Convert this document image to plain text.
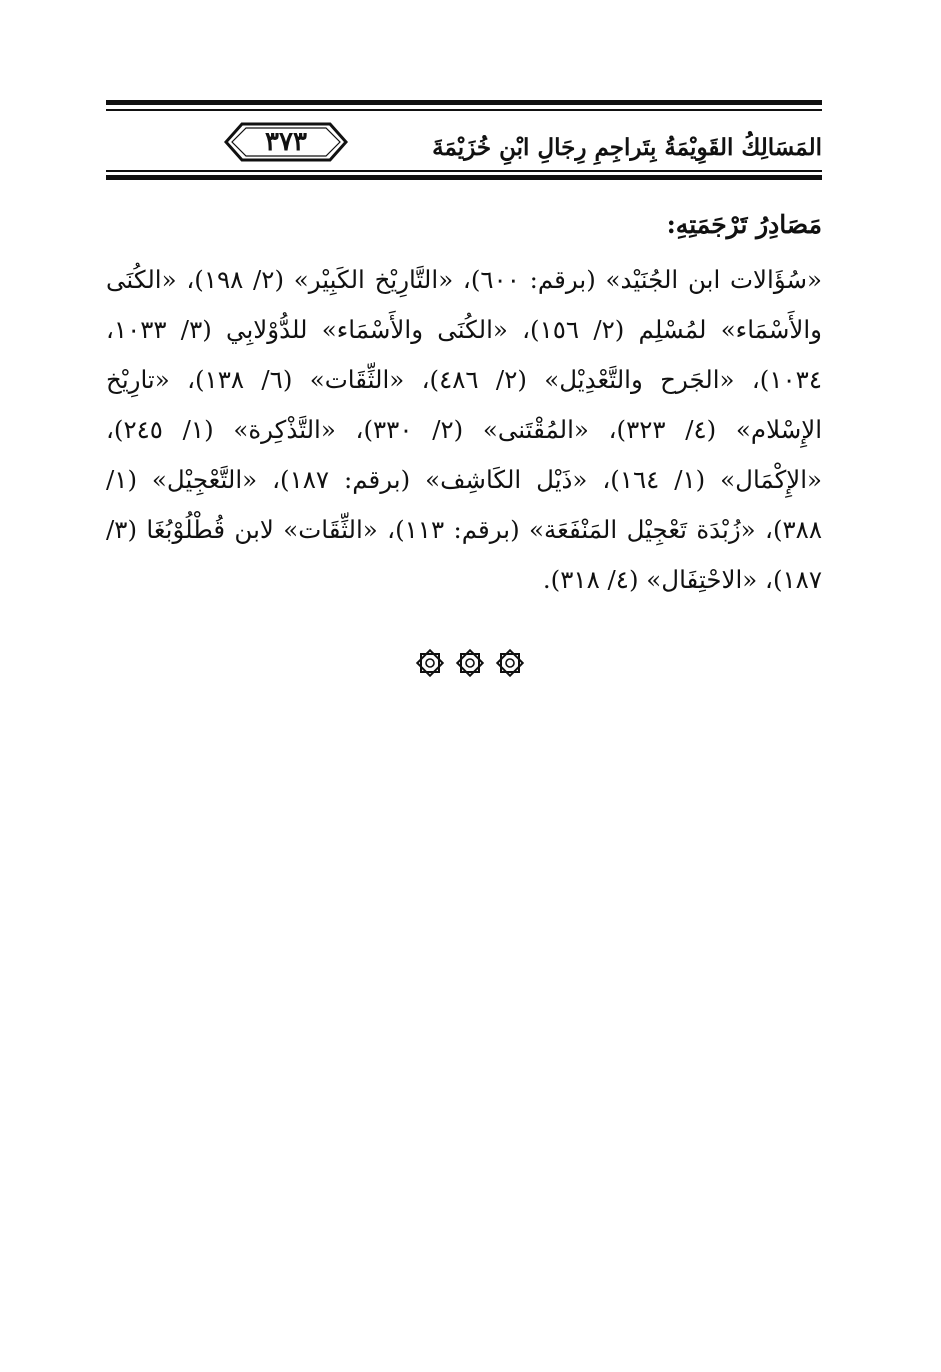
٣٧٣	المَسَالِكُ القَوِيْمَةُ بِتَراجِمِ رِجَالِ ابْنِ خُزَيْمَةَ
مَصَادِرُ تَرْجَمَتِهِ:

«سُؤَالات ابن الجُنَيْد» (برقم: ٦٠٠)، «التَّارِيْخ الكَبِيْر» (٢/ ١٩٨)، «الكُنَى والأَسْمَاء» لمُسْلِم (٢/ ١٥٦)، «الكُنَى والأَسْمَاء» للدُّوْلابِي (٣/ ١٠٣٣، ١٠٣٤)، «الجَرح والتَّعْدِيْل» (٢/ ٤٨٦)، «الثِّقَات» (٦/ ١٣٨)، «تارِيْخ الإِسْلام» (٤/ ٣٢٣)، «المُقْتَنى» (٢/ ٣٣٠)، «التَّذْكِرة» (١/ ٢٤٥)، «الإِكْمَال» (١/ ١٦٤)، «ذَيْل الكَاشِف» (برقم: ١٨٧)، «التَّعْجِيْل» (١/ ٣٨٨)، «زُبْدَة تَعْجِيْل المَنْفَعَة» (برقم: ١١٣)، «الثِّقَات» لابن قُطْلُوْبُغَا (٣/ ١٨٧)، «الاحْتِفَال» (٤/ ٣١٨).
